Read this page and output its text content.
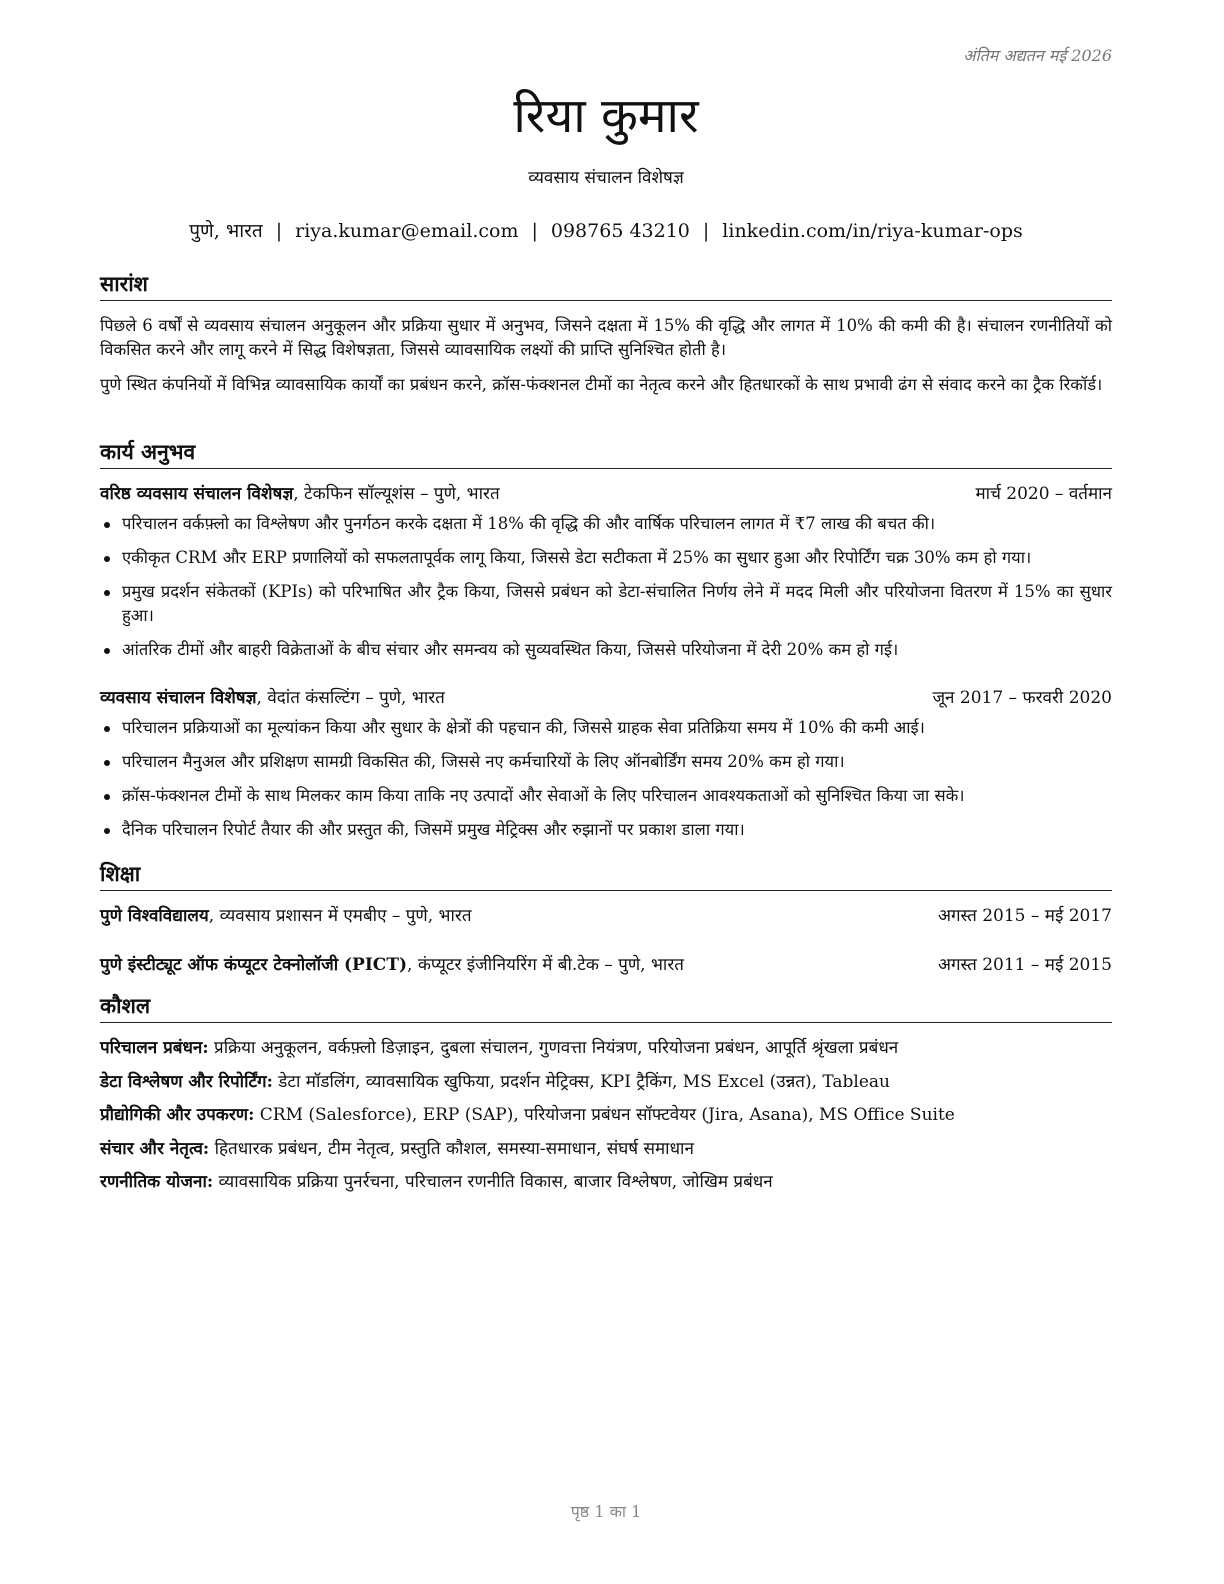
अंतिम अद्यतन मई 2026
रिया कुमार
व्यवसाय संचालन विशेषज्ञ
पुणे, भारत | riya.kumar@email.com | 098765 43210 | linkedin.com/in/riya-kumar-ops
सारांश
पिछले 6 वर्षों से व्यवसाय संचालन अनुकूलन और प्रक्रिया सुधार में अनुभव, जिसने दक्षता में 15% की वृद्धि और लागत में 10% की कमी की है। संचालन रणनीतियों को विकसित करने और लागू करने में सिद्ध विशेषज्ञता, जिससे व्यावसायिक लक्ष्यों की प्राप्ति सुनिश्चित होती है।
पुणे स्थित कंपनियों में विभिन्न व्यावसायिक कार्यों का प्रबंधन करने, क्रॉस-फंक्शनल टीमों का नेतृत्व करने और हितधारकों के साथ प्रभावी ढंग से संवाद करने का ट्रैक रिकॉर्ड।
कार्य अनुभव
वरिष्ठ व्यवसाय संचालन विशेषज्ञ, टेकफिन सॉल्यूशंस – पुणे, भारत	मार्च 2020 – वर्तमान
परिचालन वर्कफ़्लो का विश्लेषण और पुनर्गठन करके दक्षता में 18% की वृद्धि की और वार्षिक परिचालन लागत में ₹7 लाख की बचत की।
एकीकृत CRM और ERP प्रणालियों को सफलतापूर्वक लागू किया, जिससे डेटा सटीकता में 25% का सुधार हुआ और रिपोर्टिंग चक्र 30% कम हो गया।
प्रमुख प्रदर्शन संकेतकों (KPIs) को परिभाषित और ट्रैक किया, जिससे प्रबंधन को डेटा-संचालित निर्णय लेने में मदद मिली और परियोजना वितरण में 15% का सुधार हुआ।
आंतरिक टीमों और बाहरी विक्रेताओं के बीच संचार और समन्वय को सुव्यवस्थित किया, जिससे परियोजना में देरी 20% कम हो गई।
व्यवसाय संचालन विशेषज्ञ, वेदांत कंसल्टिंग – पुणे, भारत	जून 2017 – फरवरी 2020
परिचालन प्रक्रियाओं का मूल्यांकन किया और सुधार के क्षेत्रों की पहचान की, जिससे ग्राहक सेवा प्रतिक्रिया समय में 10% की कमी आई।
परिचालन मैनुअल और प्रशिक्षण सामग्री विकसित की, जिससे नए कर्मचारियों के लिए ऑनबोर्डिंग समय 20% कम हो गया।
क्रॉस-फंक्शनल टीमों के साथ मिलकर काम किया ताकि नए उत्पादों और सेवाओं के लिए परिचालन आवश्यकताओं को सुनिश्चित किया जा सके।
दैनिक परिचालन रिपोर्ट तैयार की और प्रस्तुत की, जिसमें प्रमुख मेट्रिक्स और रुझानों पर प्रकाश डाला गया।
शिक्षा
पुणे विश्वविद्यालय, व्यवसाय प्रशासन में एमबीए – पुणे, भारत	अगस्त 2015 – मई 2017
पुणे इंस्टीट्यूट ऑफ कंप्यूटर टेक्नोलॉजी (PICT), कंप्यूटर इंजीनियरिंग में बी.टेक – पुणे, भारत	अगस्त 2011 – मई 2015
कौशल
परिचालन प्रबंधन: प्रक्रिया अनुकूलन, वर्कफ़्लो डिज़ाइन, दुबला संचालन, गुणवत्ता नियंत्रण, परियोजना प्रबंधन, आपूर्ति श्रृंखला प्रबंधन
डेटा विश्लेषण और रिपोर्टिंग: डेटा मॉडलिंग, व्यावसायिक खुफिया, प्रदर्शन मेट्रिक्स, KPI ट्रैकिंग, MS Excel (उन्नत), Tableau
प्रौद्योगिकी और उपकरण: CRM (Salesforce), ERP (SAP), परियोजना प्रबंधन सॉफ्टवेयर (Jira, Asana), MS Office Suite
संचार और नेतृत्व: हितधारक प्रबंधन, टीम नेतृत्व, प्रस्तुति कौशल, समस्या-समाधान, संघर्ष समाधान
रणनीतिक योजना: व्यावसायिक प्रक्रिया पुनर्रचना, परिचालन रणनीति विकास, बाजार विश्लेषण, जोखिम प्रबंधन
पृष्ठ 1 का 1
